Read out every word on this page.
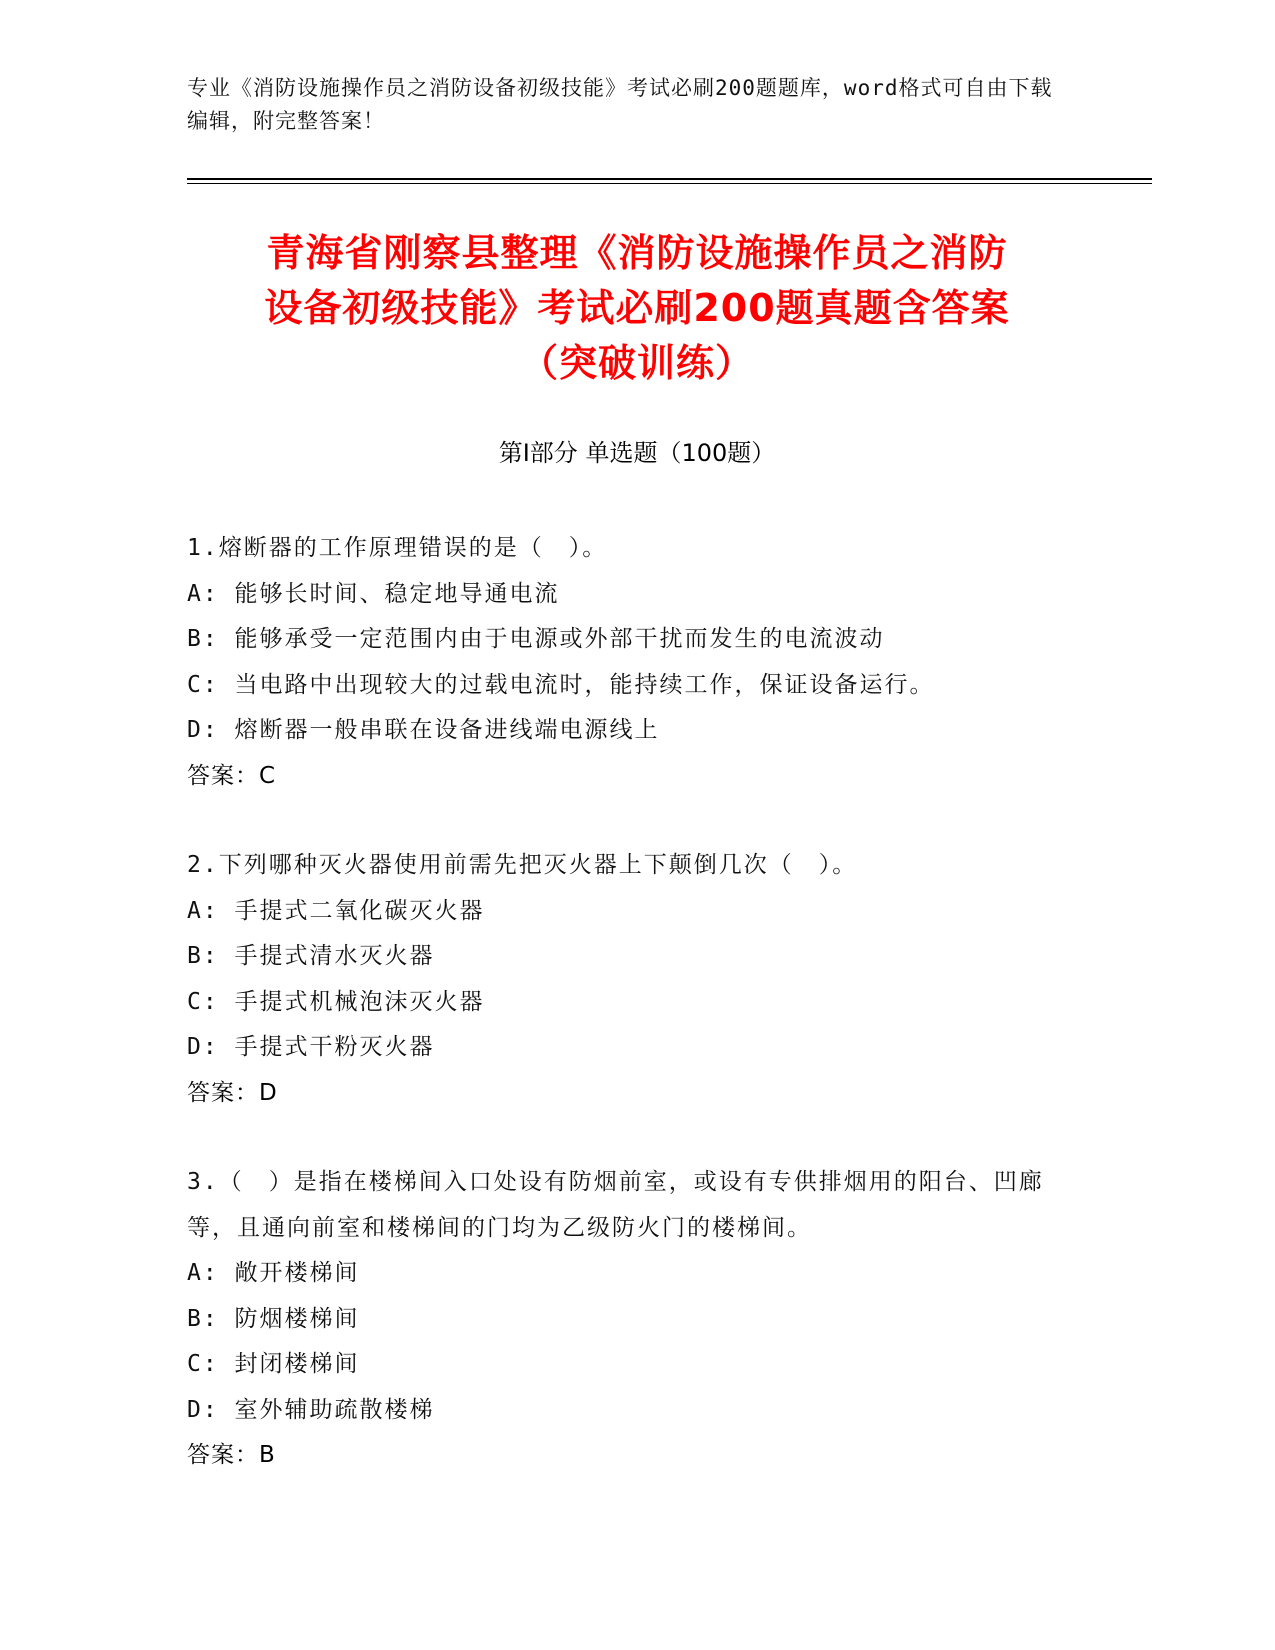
专业《消防设施操作员之消防设备初级技能》考试必刷200题题库，word格式可自由下载编辑，附完整答案！
青海省刚察县整理《消防设施操作员之消防
设备初级技能》考试必刷200题真题含答案
（突破训练）
第Ⅰ部分 单选题（100题）
1.熔断器的工作原理错误的是（　）。
A: 能够长时间、稳定地导通电流
B: 能够承受一定范围内由于电源或外部干扰而发生的电流波动
C: 当电路中出现较大的过载电流时，能持续工作，保证设备运行。
D: 熔断器一般串联在设备进线端电源线上
答案：C
2.下列哪种灭火器使用前需先把灭火器上下颠倒几次（　）。
A: 手提式二氧化碳灭火器
B: 手提式清水灭火器
C: 手提式机械泡沫灭火器
D: 手提式干粉灭火器
答案：D
3.（　）是指在楼梯间入口处设有防烟前室，或设有专供排烟用的阳台、凹廊等，且通向前室和楼梯间的门均为乙级防火门的楼梯间。
A: 敞开楼梯间
B: 防烟楼梯间
C: 封闭楼梯间
D: 室外辅助疏散楼梯
答案：B
